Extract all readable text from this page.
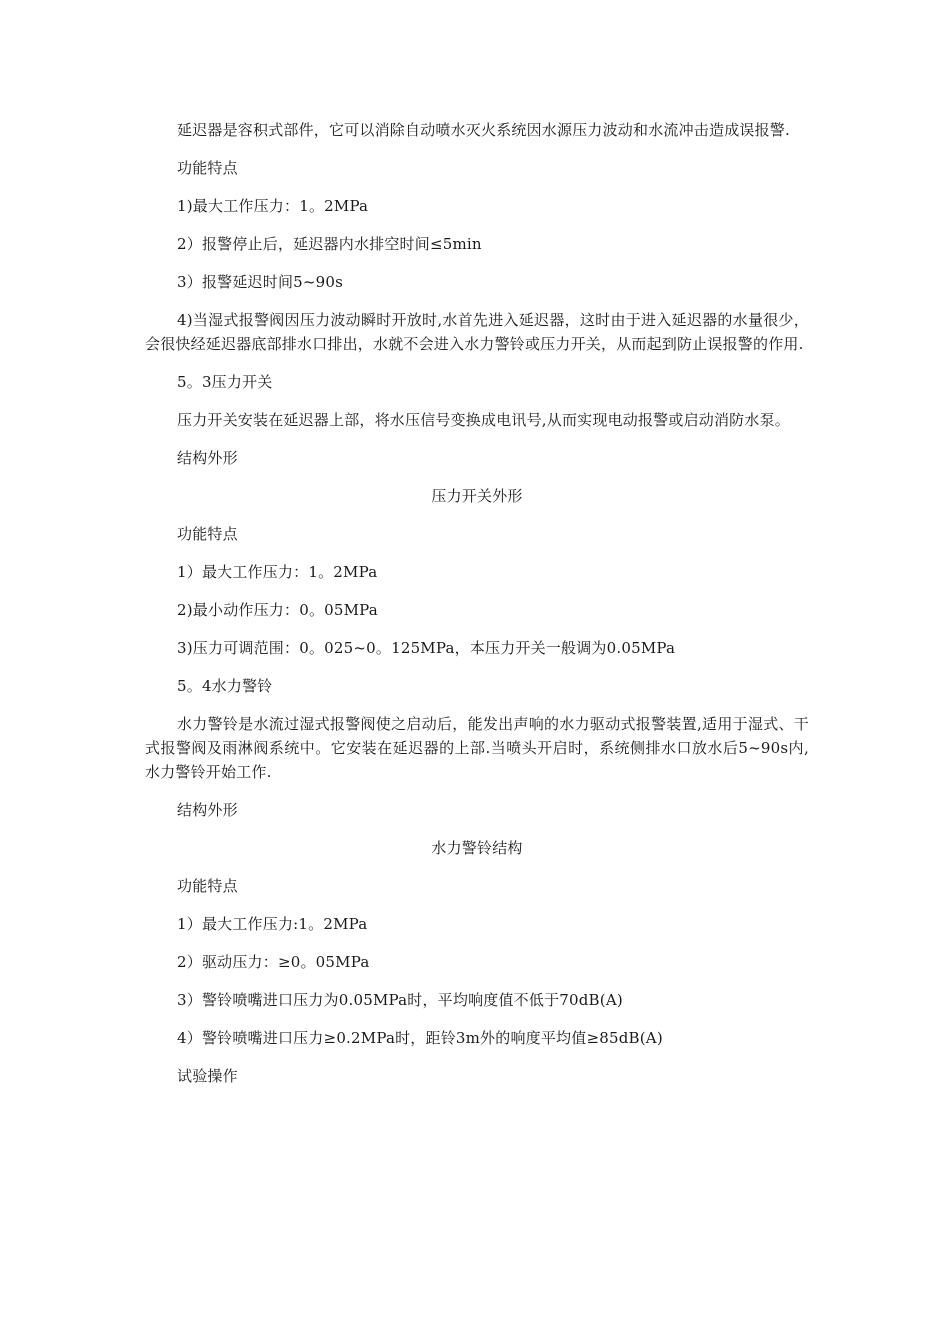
延迟器是容积式部件，它可以消除自动喷水灭火系统因水源压力波动和水流冲击造成误报警.

功能特点

1)最大工作压力：1。2MPa

2）报警停止后，延迟器内水排空时间≤5min

3）报警延迟时间5~90s

4)当湿式报警阀因压力波动瞬时开放时,水首先进入延迟器，这时由于进入延迟器的水量很少，会很快经延迟器底部排水口排出，水就不会进入水力警铃或压力开关，从而起到防止误报警的作用.

5。3压力开关

压力开关安装在延迟器上部，将水压信号变换成电讯号,从而实现电动报警或启动消防水泵。

结构外形

压力开关外形

功能特点

1）最大工作压力：1。2MPa

2)最小动作压力：0。05MPa

3)压力可调范围：0。025~0。125MPa，本压力开关一般调为0.05MPa

5。4水力警铃

水力警铃是水流过湿式报警阀使之启动后，能发出声响的水力驱动式报警装置,适用于湿式、干式报警阀及雨淋阀系统中。它安装在延迟器的上部.当喷头开启时，系统侧排水口放水后5~90s内,水力警铃开始工作.

结构外形

水力警铃结构

功能特点

1）最大工作压力:1。2MPa

2）驱动压力：≥0。05MPa

3）警铃喷嘴进口压力为0.05MPa时，平均响度值不低于70dB(A)

4）警铃喷嘴进口压力≥0.2MPa时，距铃3m外的响度平均值≥85dB(A)

试验操作
